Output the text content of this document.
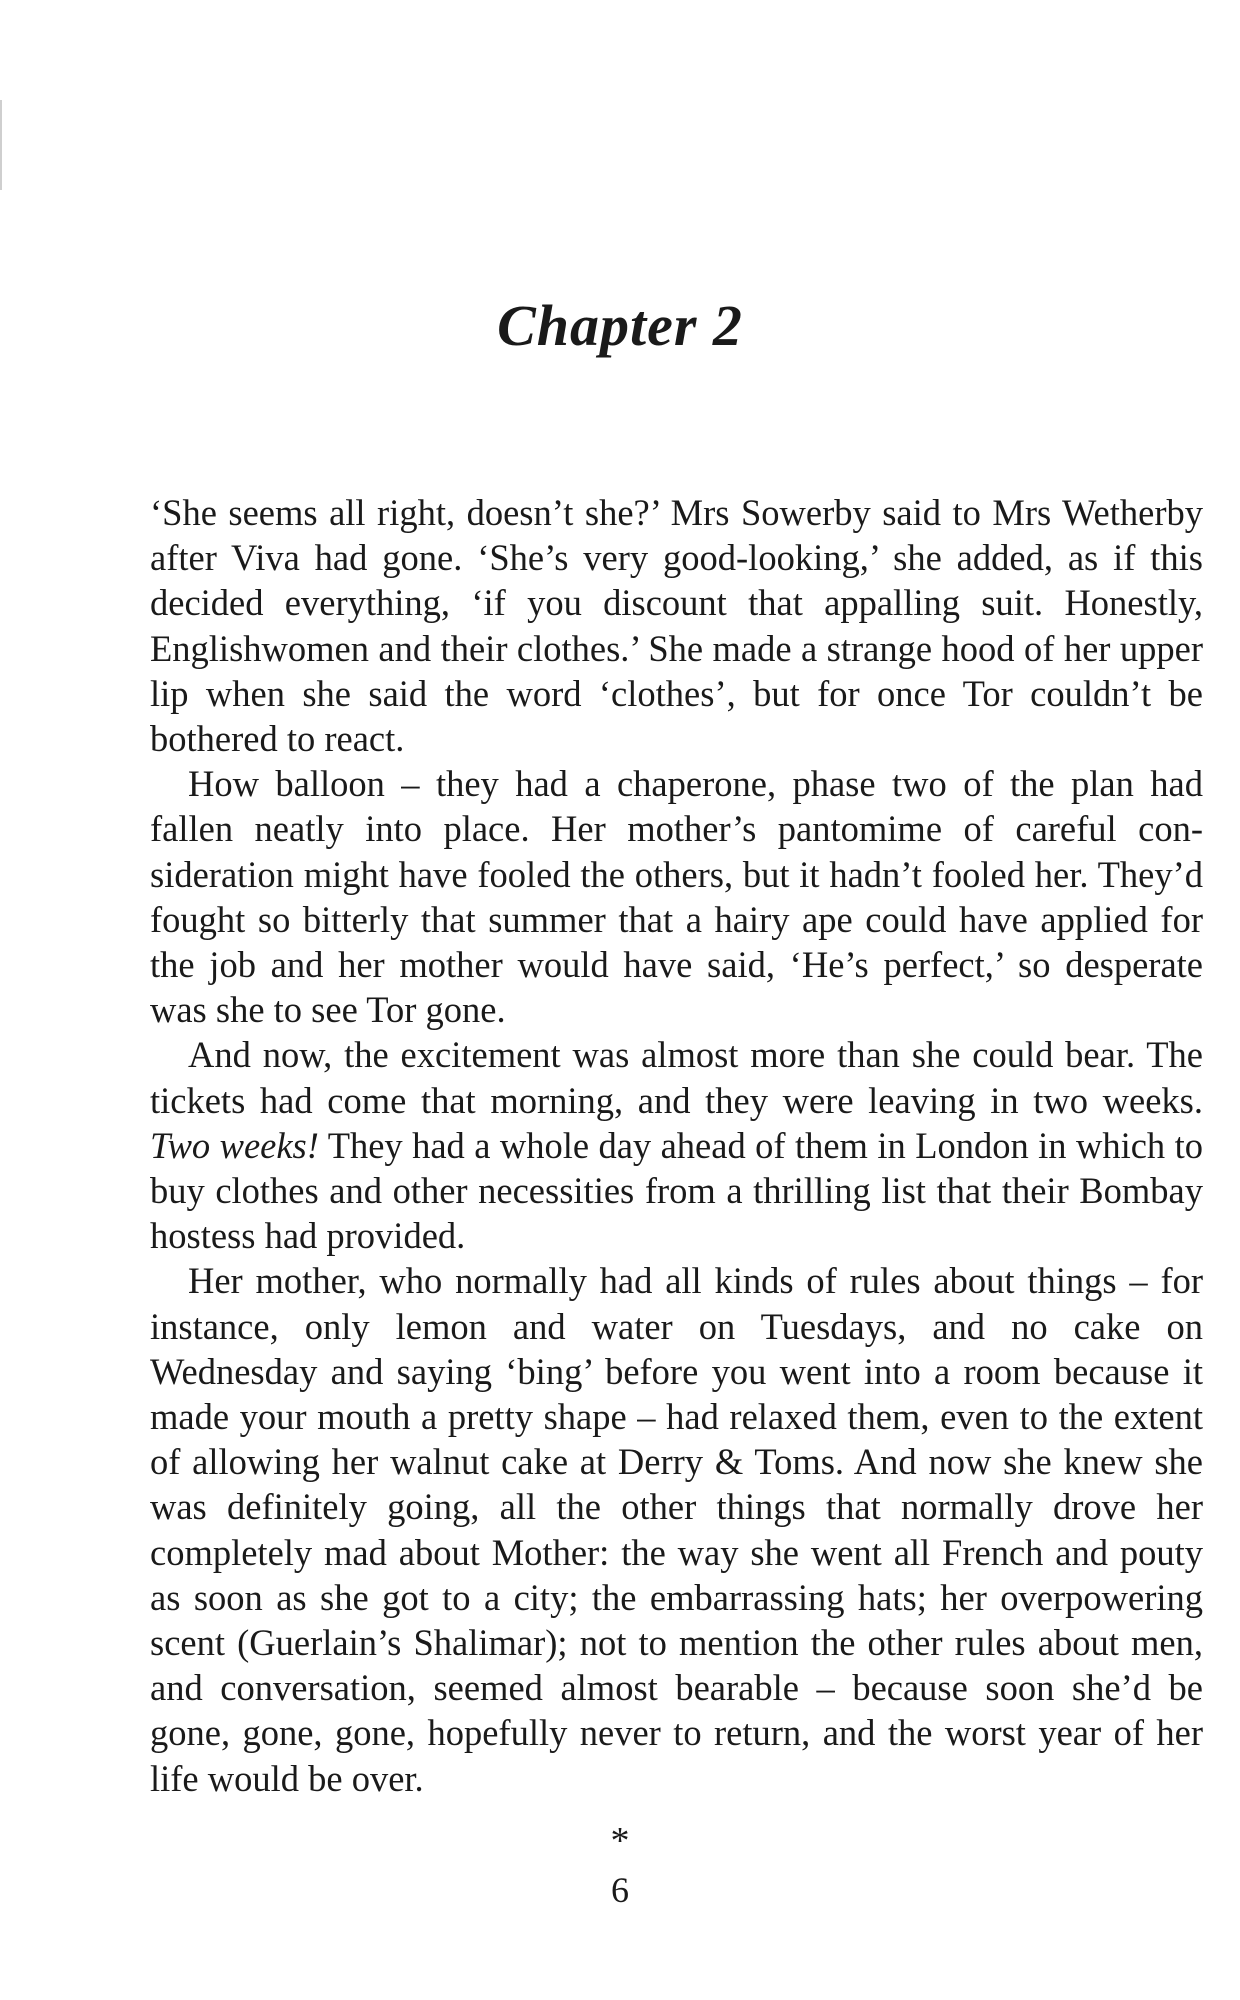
Chapter 2

‘She seems all right, doesn’t she?’ Mrs Sowerby said to Mrs Wetherby after Viva had gone. ‘She’s very good-looking,’ she added, as if this decided everything, ‘if you discount that appalling suit. Honestly, Englishwomen and their clothes.’ She made a strange hood of her upper lip when she said the word ‘clothes’, but for once Tor couldn’t be bothered to react.

How balloon – they had a chaperone, phase two of the plan had fallen neatly into place. Her mother’s pantomime of careful consideration might have fooled the others, but it hadn’t fooled her. They’d fought so bitterly that summer that a hairy ape could have applied for the job and her mother would have said, ‘He’s perfect,’ so desperate was she to see Tor gone.

And now, the excitement was almost more than she could bear. The tickets had come that morning, and they were leaving in two weeks. Two weeks! They had a whole day ahead of them in London in which to buy clothes and other necessities from a thrilling list that their Bombay hostess had provided.

Her mother, who normally had all kinds of rules about things – for instance, only lemon and water on Tuesdays, and no cake on Wednesday and saying ‘bing’ before you went into a room because it made your mouth a pretty shape – had relaxed them, even to the extent of allowing her walnut cake at Derry & Toms. And now she knew she was definitely going, all the other things that normally drove her completely mad about Mother: the way she went all French and pouty as soon as she got to a city; the embarrassing hats; her overpowering scent (Guerlain’s Shalimar); not to mention the other rules about men, and conversation, seemed almost bearable – because soon she’d be gone, gone, gone, hopefully never to return, and the worst year of her life would be over.

*
6
